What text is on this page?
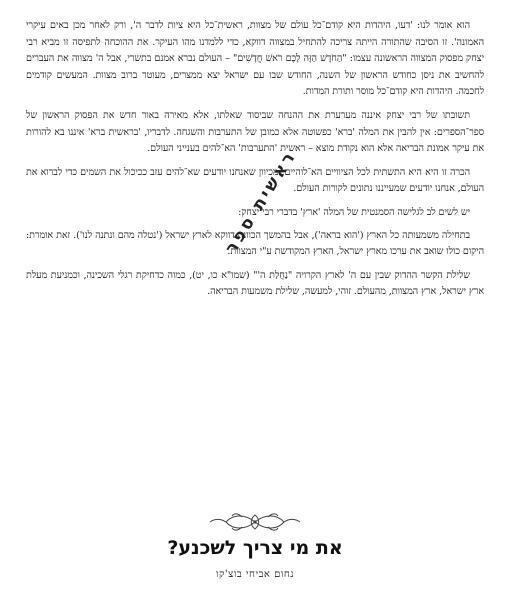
הוא אומר לנו: 'דעו, היהדות היא קודם־כל עולם של מצוות, ראשית־כל היא ציות לדבר ה', ורק לאחר מכן באים עיקרי האמונה'. זו הסיבה שהתורה הייתה צריכה להתחיל במצווה דווקא, כדי ללמדנו מהו העיקר. את ההוכחה לתפיסה זו מביא רבי יצחק מפסוק המצווה הראשונה עצמו: "הַחֹדֶשׁ הַזֶּה לָכֶם רֹאשׁ חֳדָשִׁים" – העולם נברא אמנם בתשרי, אבל ה' מצווה את העברים להחשיב את ניסן כחודש הראשון של השנה, החודש שבו עם ישראל יצא ממצרים, מעוטר ברוב מצוות. המעשים קודמים לחכמה. היהדות היא קודם־כל מוסר ותורת המדות.

תשובתו של רבי יצחק איננה מערערת את ההנחה שביסוד שאלתו, אלא מאירה באור חדש את הפסוק הראשון של ספר־הספרים: אין להבין את המלה 'ברא' כפשוטה אלא כמובן של התערבות והשגחה. לדבריו, 'בראשית ברא' איננו בא להורות את עיקר אמונת הבריאה אלא הוא נקודת מוצא – ראשית 'התערבות' הא־להים בענייני העולם.

הכרה זו היא היא התשתית לכל הציוויים הא־לוהיים. מכיוון שאנחנו יודעים שא־להים עזב ככיכול את השמים כדי לברוא את העולם, אנחנו יודעים שמעייננו נתונים לקורות העולם.

יש לשים לב לגלישה הסמנטית של המלה 'ארץ' בדברי רבי יצחק:

בתחילה משמעותה כל הארץ ('הוא בראה'), אבל בהמשך הכוונה דווקא לארץ ישראל ('נטלה מהם ונתנה לנו'). זאת אומרת: היקום כולו שואב את ערכו מארץ ישראל, הארץ המקודשת ע"י המצוות.

שלילת הקשר ההדוק שבין עם ה' לארץ הקרויה "נַחֲלַת ה'" (שמו"א כו, יט), כמוה כדחיקת רגלי השכינה, וכמניעת מעלת ארץ ישראל, ארץ המצוות, מהעולם. זוהי, למעשה, שלילת משמעות הבריאה.

ראשית ספר
את מי צריך לשכנע?
נחום אביחי בוצ'קו
